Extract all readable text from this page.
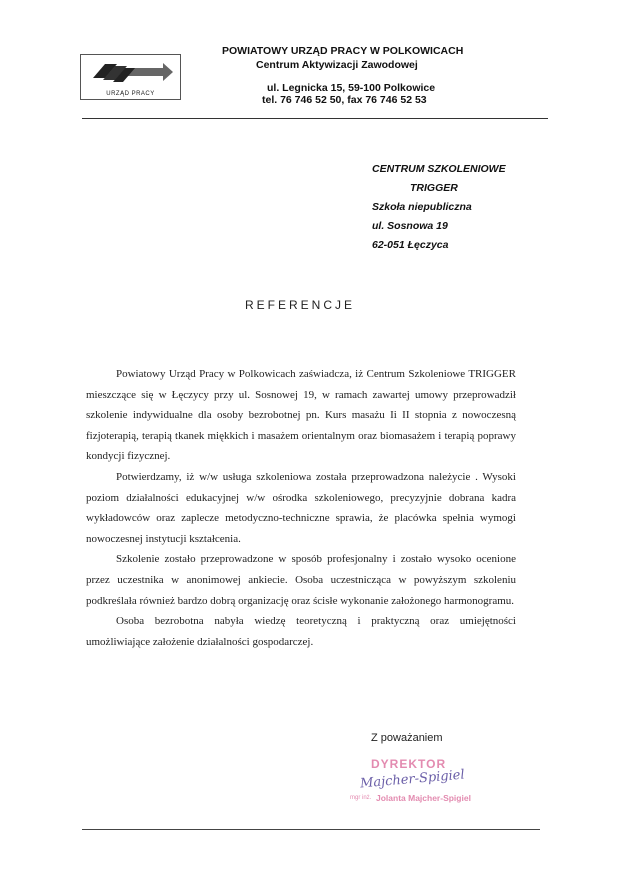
URZĄD PRACY
POWIATOWY URZĄD PRACY W POLKOWICACH
Centrum Aktywizacji Zawodowej
ul. Legnicka 15, 59-100 Polkowice
tel. 76 746 52 50, fax 76 746 52 53
CENTRUM SZKOLENIOWE
TRIGGER
Szkoła niepubliczna
ul. Sosnowa 19
62-051 Łęczyca
REFERENCJE

Powiatowy Urząd Pracy w Polkowicach zaświadcza, iż Centrum Szkoleniowe TRIGGER mieszczące się w Łęczycy przy ul. Sosnowej 19, w ramach zawartej umowy przeprowadził szkolenie indywidualne dla osoby bezrobotnej pn. Kurs masażu Ii II stopnia z nowoczesną fizjoterapią, terapią tkanek miękkich i masażem orientalnym oraz biomasażem i terapią poprawy kondycji fizycznej.

Potwierdzamy, iż w/w usługa szkoleniowa została przeprowadzona należycie . Wysoki poziom działalności edukacyjnej w/w ośrodka szkoleniowego, precyzyjnie dobrana kadra wykładowców oraz zaplecze metodyczno-techniczne sprawia, że placówka spełnia wymogi nowoczesnej instytucji kształcenia.

Szkolenie zostało przeprowadzone w sposób profesjonalny i zostało wysoko ocenione przez uczestnika w anonimowej ankiecie. Osoba uczestnicząca w powyższym szkoleniu podkreślała również bardzo dobrą organizację oraz ścisłe wykonanie założonego harmonogramu.

Osoba bezrobotna nabyła wiedzę teoretyczną i praktyczną oraz umiejętności umożliwiające założenie działalności gospodarczej.

Z poważaniem
DYREKTOR
Majcher-Spigiel
mgr inż. Jolanta Majcher-Spigiel
